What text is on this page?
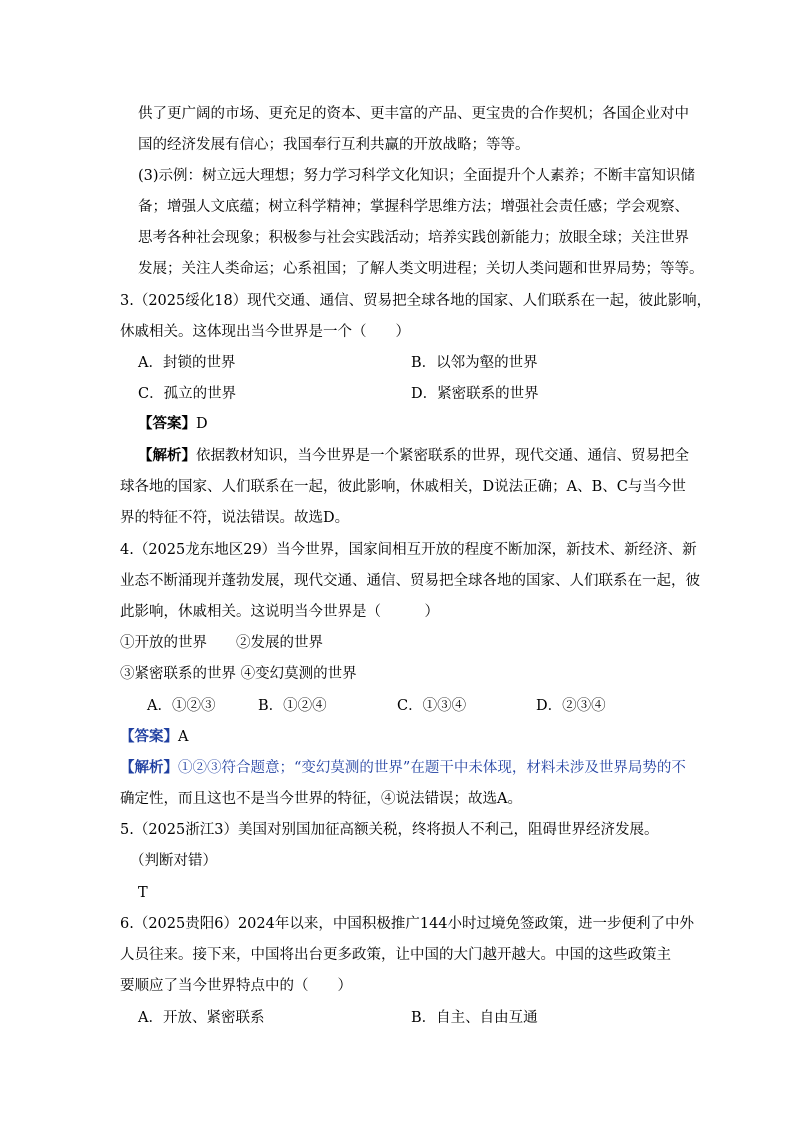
供了更广阔的市场、更充足的资本、更丰富的产品、更宝贵的合作契机；各国企业对中
国的经济发展有信心；我国奉行互利共赢的开放战略；等等。
(3)示例：树立远大理想；努力学习科学文化知识；全面提升个人素养；不断丰富知识储
备；增强人文底蕴；树立科学精神；掌握科学思维方法；增强社会责任感；学会观察、
思考各种社会现象；积极参与社会实践活动；培养实践创新能力；放眼全球；关注世界
发展；关注人类命运；心系祖国；了解人类文明进程；关切人类问题和世界局势；等等。
3.（2025绥化18）现代交通、通信、贸易把全球各地的国家、人们联系在一起，彼此影响，
休戚相关。这体现出当今世界是一个（　　）
A．封锁的世界	B．以邻为壑的世界
C．孤立的世界	D．紧密联系的世界
【答案】D
【解析】依据教材知识，当今世界是一个紧密联系的世界，现代交通、通信、贸易把全
球各地的国家、人们联系在一起，彼此影响，休戚相关，D说法正确；A、B、C与当今世
界的特征不符，说法错误。故选D。
4.（2025龙东地区29）当今世界，国家间相互开放的程度不断加深，新技术、新经济、新
业态不断涌现并蓬勃发展，现代交通、通信、贸易把全球各地的国家、人们联系在一起，彼
此影响，休戚相关。这说明当今世界是（　　　）
①开放的世界　　②发展的世界
③紧密联系的世界 ④变幻莫测的世界
A．①②③	B．①②④	C．①③④	D．②③④
【答案】A
【解析】①②③符合题意；“变幻莫测的世界”在题干中未体现，材料未涉及世界局势的不
确定性，而且这也不是当今世界的特征，④说法错误；故选A。
5.（2025浙江3）美国对别国加征高额关税，终将损人不利己，阻碍世界经济发展。
（判断对错）
T
6.（2025贵阳6）2024年以来，中国积极推广144小时过境免签政策，进一步便利了中外
人员往来。接下来，中国将出台更多政策，让中国的大门越开越大。中国的这些政策主
要顺应了当今世界特点中的（　　）
A．开放、紧密联系	B．自主、自由互通
